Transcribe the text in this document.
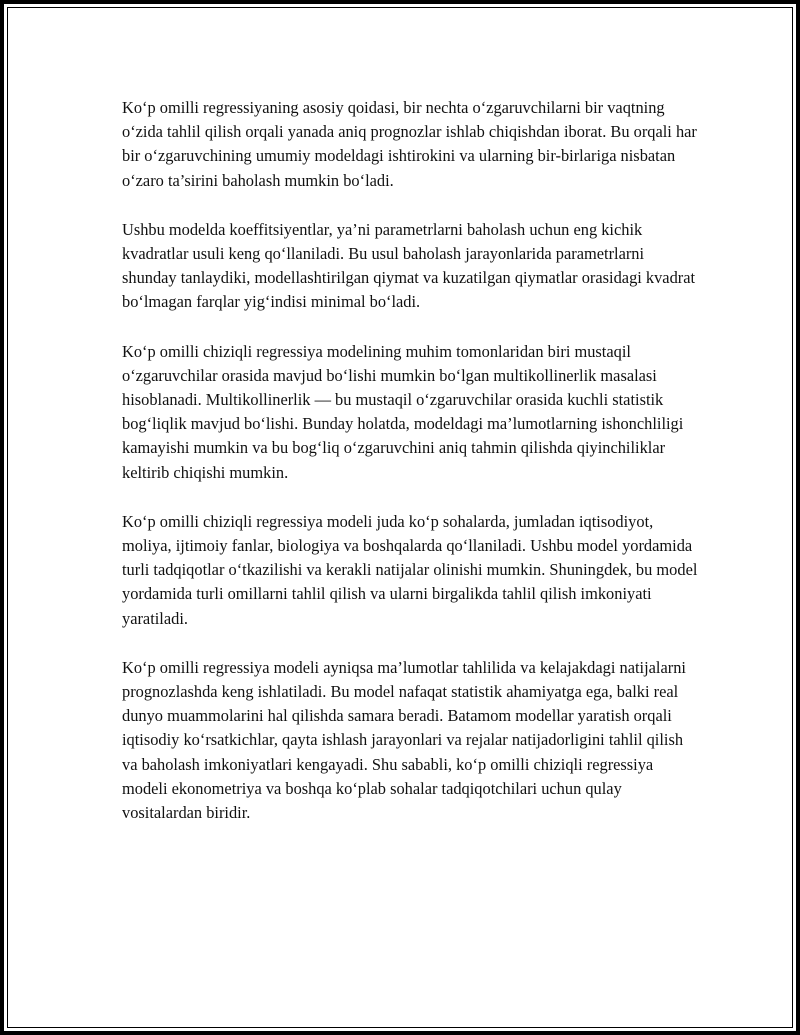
Ko‘p omilli regressiyaning asosiy qoidasi, bir nechta o‘zgaruvchilarni bir vaqtning o‘zida tahlil qilish orqali yanada aniq prognozlar ishlab chiqishdan iborat. Bu orqali har bir o‘zgaruvchining umumiy modeldagi ishtirokini va ularning bir-birlariga nisbatan o‘zaro ta’sirini baholash mumkin bo‘ladi.

Ushbu modelda koeffitsiyentlar, ya’ni parametrlarni baholash uchun eng kichik kvadratlar usuli keng qo‘llaniladi. Bu usul baholash jarayonlarida parametrlarni shunday tanlaydiki, modellashtirilgan qiymat va kuzatilgan qiymatlar orasidagi kvadrat bo‘lmagan farqlar yig‘indisi minimal bo‘ladi.

Ko‘p omilli chiziqli regressiya modelining muhim tomonlaridan biri mustaqil o‘zgaruvchilar orasida mavjud bo‘lishi mumkin bo‘lgan multikollinerlik masalasi hisoblanadi. Multikollinerlik — bu mustaqil o‘zgaruvchilar orasida kuchli statistik bog‘liqlik mavjud bo‘lishi. Bunday holatda, modeldagi ma’lumotlarning ishonchliligi kamayishi mumkin va bu bog‘liq o‘zgaruvchini aniq tahmin qilishda qiyinchiliklar keltirib chiqishi mumkin.

Ko‘p omilli chiziqli regressiya modeli juda ko‘p sohalarda, jumladan iqtisodiyot, moliya, ijtimoiy fanlar, biologiya va boshqalarda qo‘llaniladi. Ushbu model yordamida turli tadqiqotlar o‘tkazilishi va kerakli natijalar olinishi mumkin. Shuningdek, bu model yordamida turli omillarni tahlil qilish va ularni birgalikda tahlil qilish imkoniyati yaratiladi.

Ko‘p omilli regressiya modeli ayniqsa ma’lumotlar tahlilida va kelajakdagi natijalarni prognozlashda keng ishlatiladi. Bu model nafaqat statistik ahamiyatga ega, balki real dunyo muammolarini hal qilishda samara beradi. Batamom modellar yaratish orqali iqtisodiy ko‘rsatkichlar, qayta ishlash jarayonlari va rejalar natijadorligini tahlil qilish va baholash imkoniyatlari kengayadi. Shu sababli, ko‘p omilli chiziqli regressiya modeli ekonometriya va boshqa ko‘plab sohalar tadqiqotchilari uchun qulay vositalardan biridir.
